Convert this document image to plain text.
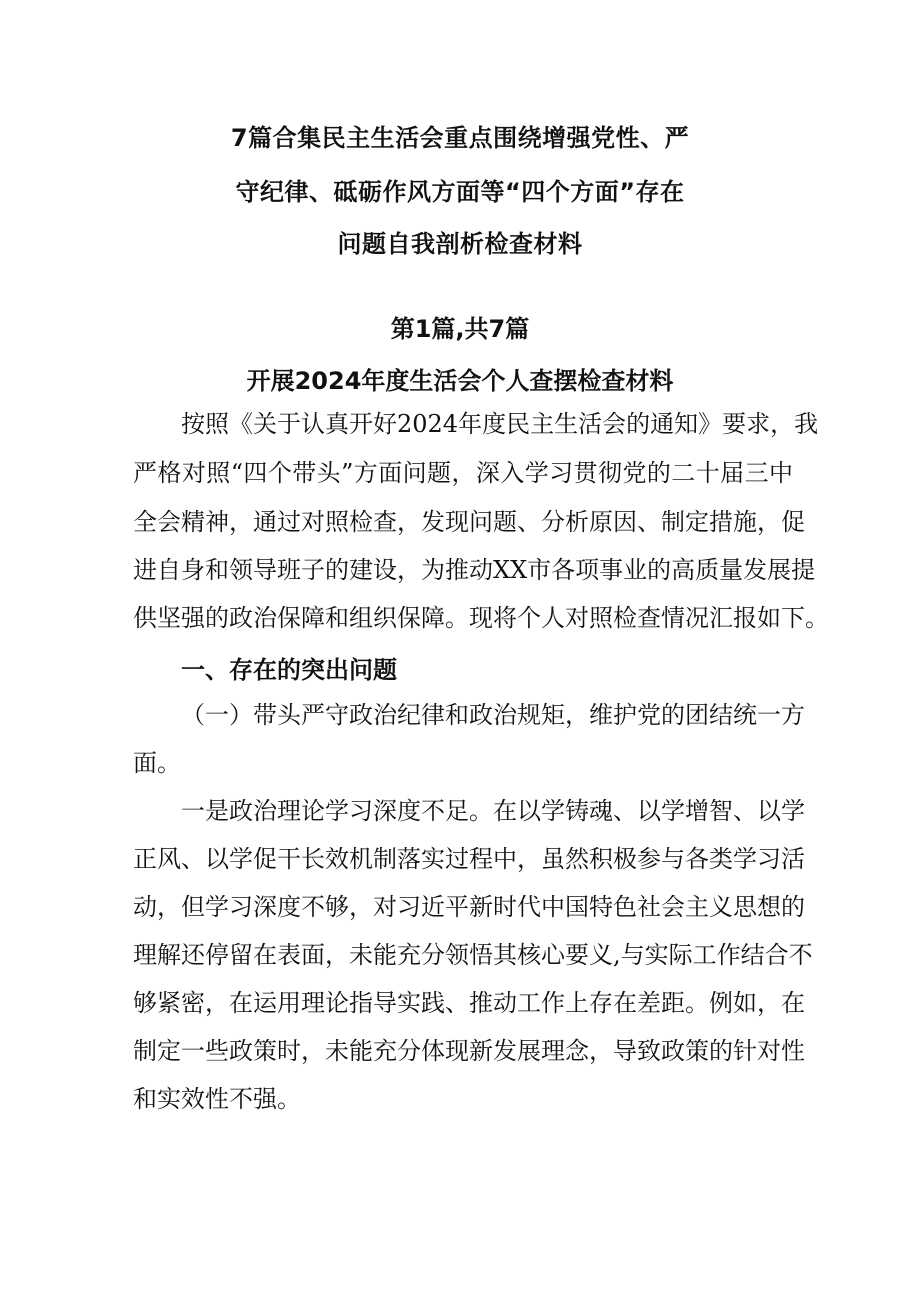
7篇合集民主生活会重点围绕增强党性、严
守纪律、砥砺作风方面等“四个方面”存在
问题自我剖析检查材料
第1篇,共7篇
开展2024年度生活会个人查摆检查材料
按照《关于认真开好2024年度民主生活会的通知》要求，我
严格对照“四个带头”方面问题，深入学习贯彻党的二十届三中
全会精神，通过对照检查，发现问题、分析原因、制定措施，促
进自身和领导班子的建设，为推动XX市各项事业的高质量发展提
供坚强的政治保障和组织保障。现将个人对照检查情况汇报如下。
一、存在的突出问题
（一）带头严守政治纪律和政治规矩，维护党的团结统一方
面。
一是政治理论学习深度不足。在以学铸魂、以学增智、以学
正风、以学促干长效机制落实过程中，虽然积极参与各类学习活
动，但学习深度不够，对习近平新时代中国特色社会主义思想的
理解还停留在表面，未能充分领悟其核心要义,与实际工作结合不
够紧密，在运用理论指导实践、推动工作上存在差距。例如，在
制定一些政策时，未能充分体现新发展理念，导致政策的针对性
和实效性不强。
